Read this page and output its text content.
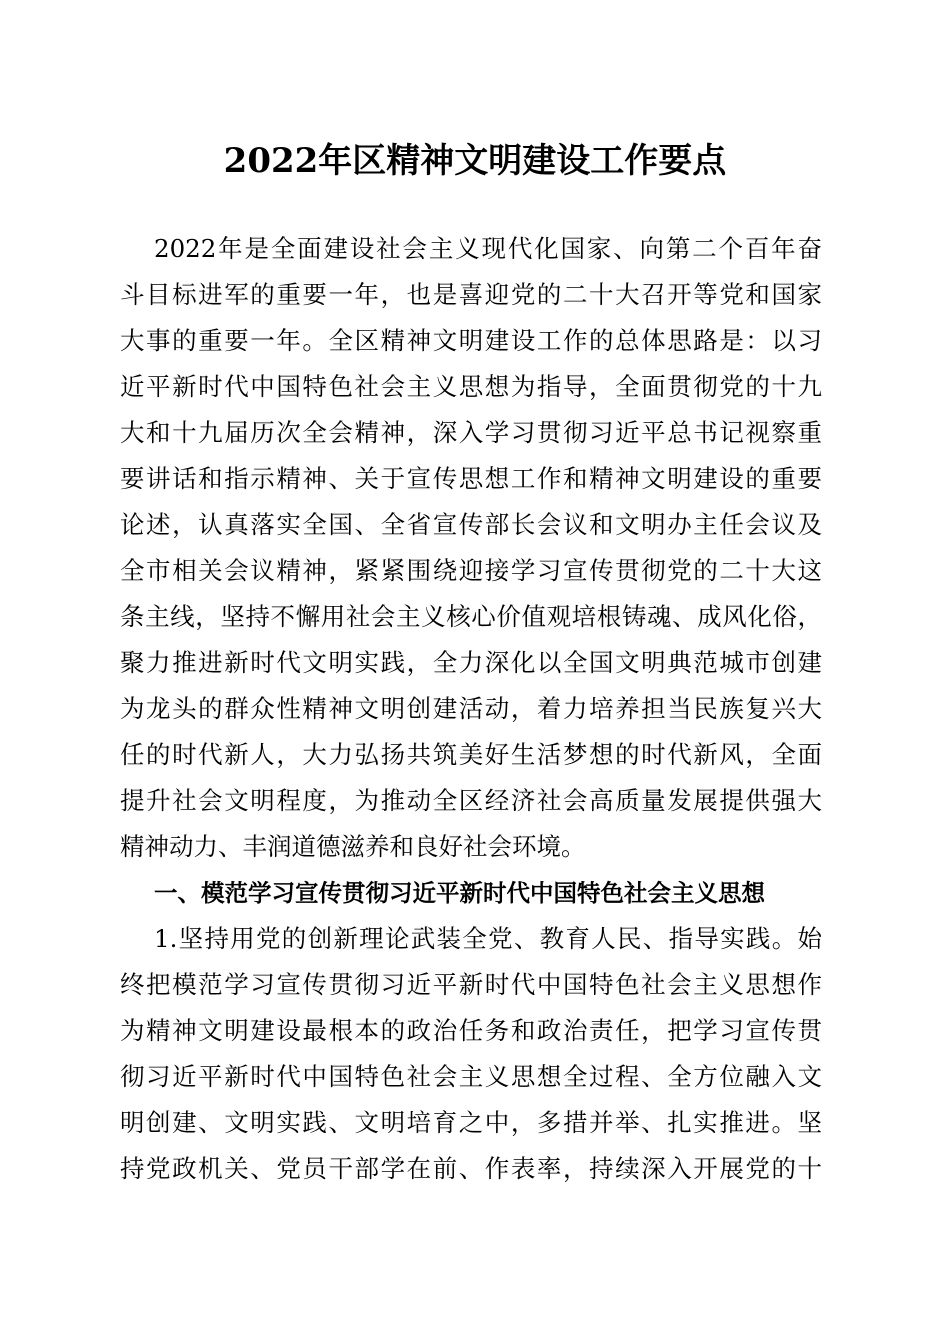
2022年区精神文明建设工作要点

2022年是全面建设社会主义现代化国家、向第二个百年奋

斗目标进军的重要一年，也是喜迎党的二十大召开等党和国家

大事的重要一年。全区精神文明建设工作的总体思路是：以习

近平新时代中国特色社会主义思想为指导，全面贯彻党的十九

大和十九届历次全会精神，深入学习贯彻习近平总书记视察重

要讲话和指示精神、关于宣传思想工作和精神文明建设的重要

论述，认真落实全国、全省宣传部长会议和文明办主任会议及

全市相关会议精神，紧紧围绕迎接学习宣传贯彻党的二十大这

条主线，坚持不懈用社会主义核心价值观培根铸魂、成风化俗，

聚力推进新时代文明实践，全力深化以全国文明典范城市创建

为龙头的群众性精神文明创建活动，着力培养担当民族复兴大

任的时代新人，大力弘扬共筑美好生活梦想的时代新风，全面

提升社会文明程度，为推动全区经济社会高质量发展提供强大

精神动力、丰润道德滋养和良好社会环境。

一、模范学习宣传贯彻习近平新时代中国特色社会主义思想

1.坚持用党的创新理论武装全党、教育人民、指导实践。始

终把模范学习宣传贯彻习近平新时代中国特色社会主义思想作

为精神文明建设最根本的政治任务和政治责任，把学习宣传贯

彻习近平新时代中国特色社会主义思想全过程、全方位融入文

明创建、文明实践、文明培育之中，多措并举、扎实推进。坚

持党政机关、党员干部学在前、作表率，持续深入开展党的十
